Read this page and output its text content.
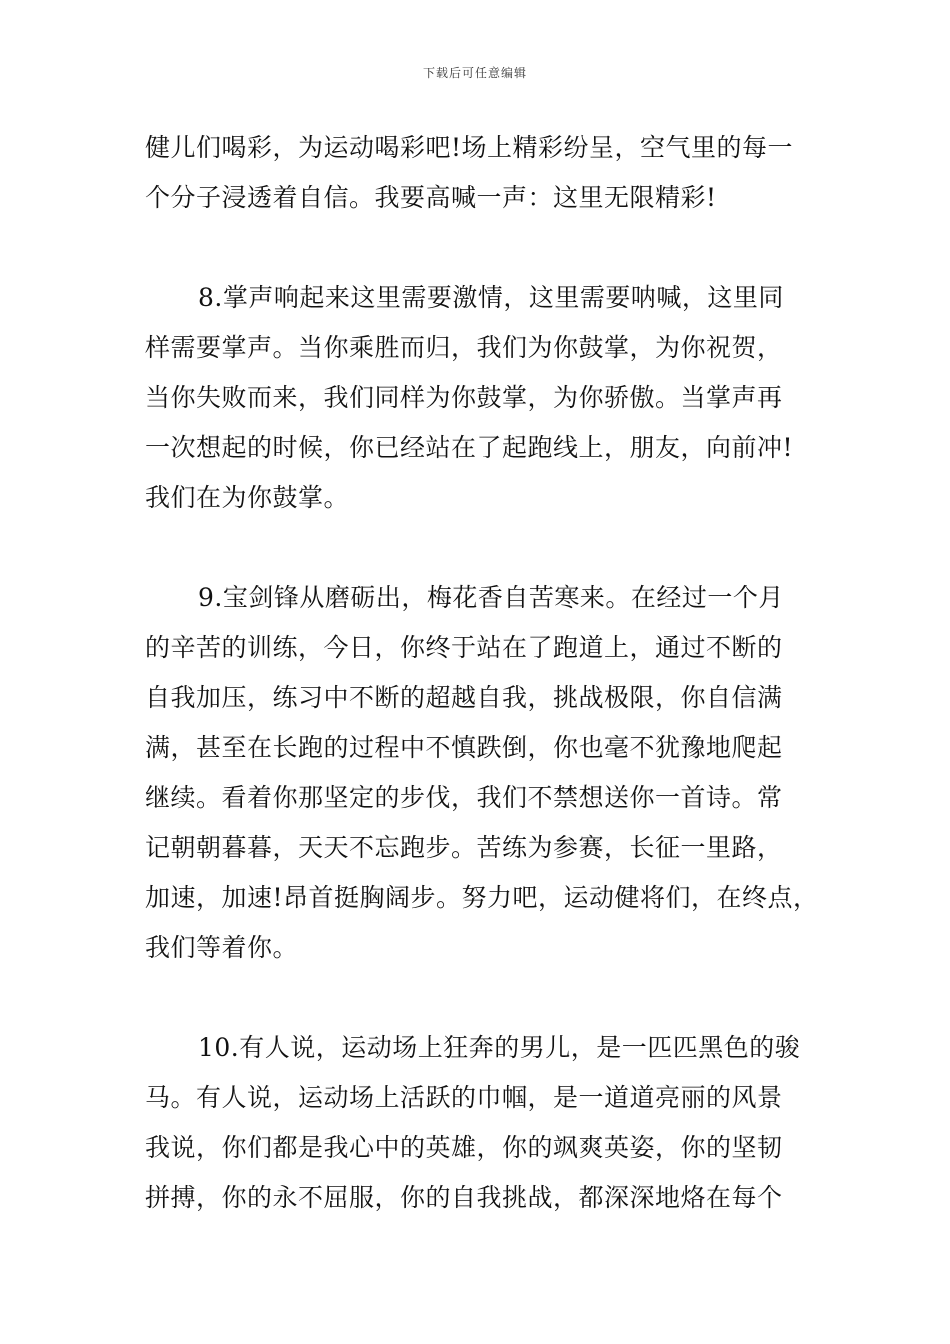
下载后可任意编辑
健儿们喝彩，为运动喝彩吧!场上精彩纷呈，空气里的每一
个分子浸透着自信。我要高喊一声：这里无限精彩!
8.掌声响起来这里需要激情，这里需要呐喊，这里同
样需要掌声。当你乘胜而归，我们为你鼓掌，为你祝贺，
当你失败而来，我们同样为你鼓掌，为你骄傲。当掌声再
一次想起的时候，你已经站在了起跑线上，朋友，向前冲!
我们在为你鼓掌。
9.宝剑锋从磨砺出，梅花香自苦寒来。在经过一个月
的辛苦的训练，今日，你终于站在了跑道上，通过不断的
自我加压，练习中不断的超越自我，挑战极限，你自信满
满，甚至在长跑的过程中不慎跌倒，你也毫不犹豫地爬起
继续。看着你那坚定的步伐，我们不禁想送你一首诗。常
记朝朝暮暮，天天不忘跑步。苦练为参赛，长征一里路，
加速，加速!昂首挺胸阔步。努力吧，运动健将们，在终点，
我们等着你。
10.有人说，运动场上狂奔的男儿，是一匹匹黑色的骏
马。有人说，运动场上活跃的巾帼，是一道道亮丽的风景
我说，你们都是我心中的英雄，你的飒爽英姿，你的坚韧
拼搏，你的永不屈服，你的自我挑战，都深深地烙在每个
